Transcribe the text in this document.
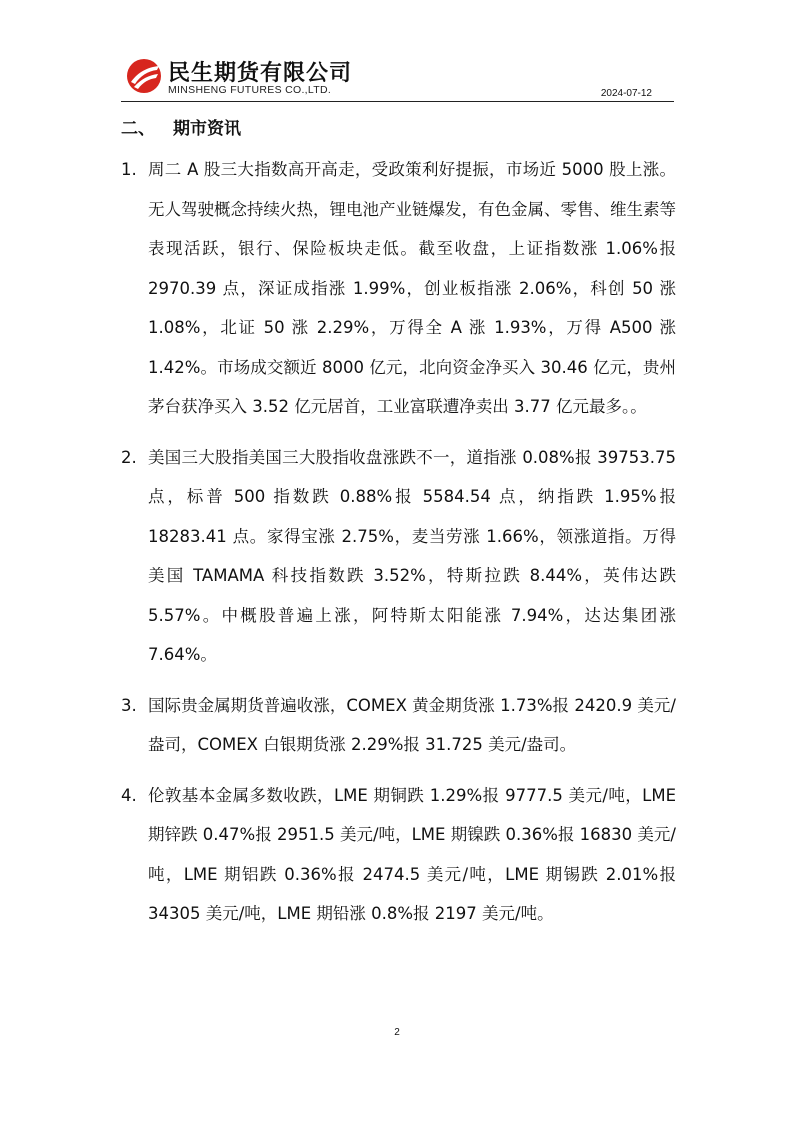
民生期货有限公司
MINSHENG FUTURES CO.,LTD.	2024-07-12
二、 期市资讯
1. 周二 A 股三大指数高开高走，受政策利好提振，市场近 5000 股上涨。无人驾驶概念持续火热，锂电池产业链爆发，有色金属、零售、维生素等表现活跃，银行、保险板块走低。截至收盘，上证指数涨 1.06%报 2970.39 点，深证成指涨 1.99%，创业板指涨 2.06%，科创 50 涨 1.08%，北证 50 涨 2.29%，万得全 A 涨 1.93%，万得 A500 涨 1.42%。市场成交额近 8000 亿元，北向资金净买入 30.46 亿元，贵州茅台获净买入 3.52 亿元居首，工业富联遭净卖出 3.77 亿元最多。。
2. 美国三大股指美国三大股指收盘涨跌不一，道指涨 0.08%报 39753.75 点，标普 500 指数跌 0.88%报 5584.54 点，纳指跌 1.95%报 18283.41 点。家得宝涨 2.75%，麦当劳涨 1.66%，领涨道指。万得美国 TAMAMA 科技指数跌 3.52%，特斯拉跌 8.44%，英伟达跌 5.57%。中概股普遍上涨，阿特斯太阳能涨 7.94%，达达集团涨 7.64%。
3. 国际贵金属期货普遍收涨，COMEX 黄金期货涨 1.73%报 2420.9 美元/盎司，COMEX 白银期货涨 2.29%报 31.725 美元/盎司。
4. 伦敦基本金属多数收跌，LME 期铜跌 1.29%报 9777.5 美元/吨，LME 期锌跌 0.47%报 2951.5 美元/吨，LME 期镍跌 0.36%报 16830 美元/吨，LME 期铝跌 0.36%报 2474.5 美元/吨，LME 期锡跌 2.01%报 34305 美元/吨，LME 期铅涨 0.8%报 2197 美元/吨。
2
